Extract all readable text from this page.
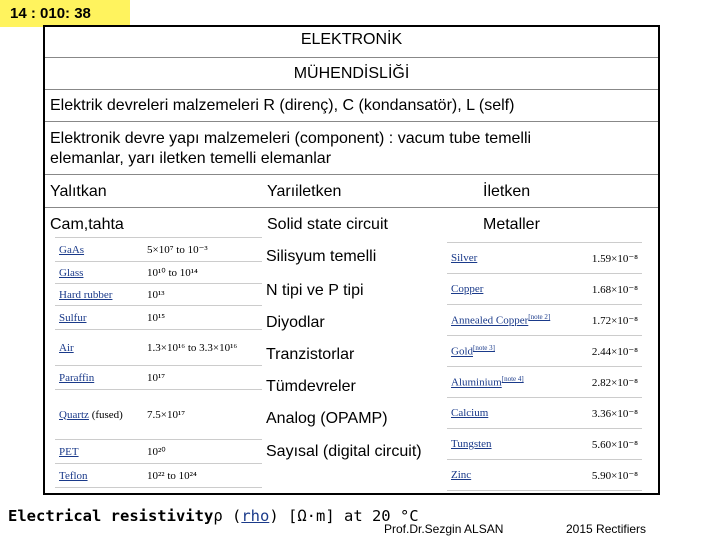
14 : 010: 38
ELEKTRONİK
MÜHENDİSLİĞİ
Elektrik devreleri malzemeleri R (direnç), C (kondansatör), L (self)
Elektronik devre yapı malzemeleri (component) : vacum tube temelli
elemanlar, yarı iletken temelli elemanlar
Yalıtkan	Yarıiletken	İletken
Cam,tahta	Solid state circuit	Metaller
GaAs	5×10⁷ to 10⁻³
Glass	10¹⁰ to 10¹⁴
Hard rubber	10¹³
Sulfur	10¹⁵
Air	1.3×10¹⁶ to 3.3×10¹⁶
Paraffin	10¹⁷
Quartz (fused)	7.5×10¹⁷
PET	10²⁰
Teflon	10²² to 10²⁴
Silisyum temelli
N tipi ve P tipi
Diyodlar
Tranzistorlar
Tümdevreler
Analog (OPAMP)
Sayısal (digital circuit)
Silver	1.59×10⁻⁸
Copper	1.68×10⁻⁸
Annealed Copper[note 2]	1.72×10⁻⁸
Gold[note 3]	2.44×10⁻⁸
Aluminium[note 4]	2.82×10⁻⁸
Calcium	3.36×10⁻⁸
Tungsten	5.60×10⁻⁸
Zinc	5.90×10⁻⁸
Electrical resistivityρ (rho) [Ω·m] at 20 °C
Prof.Dr.Sezgin ALSAN	2015 Rectifiers
